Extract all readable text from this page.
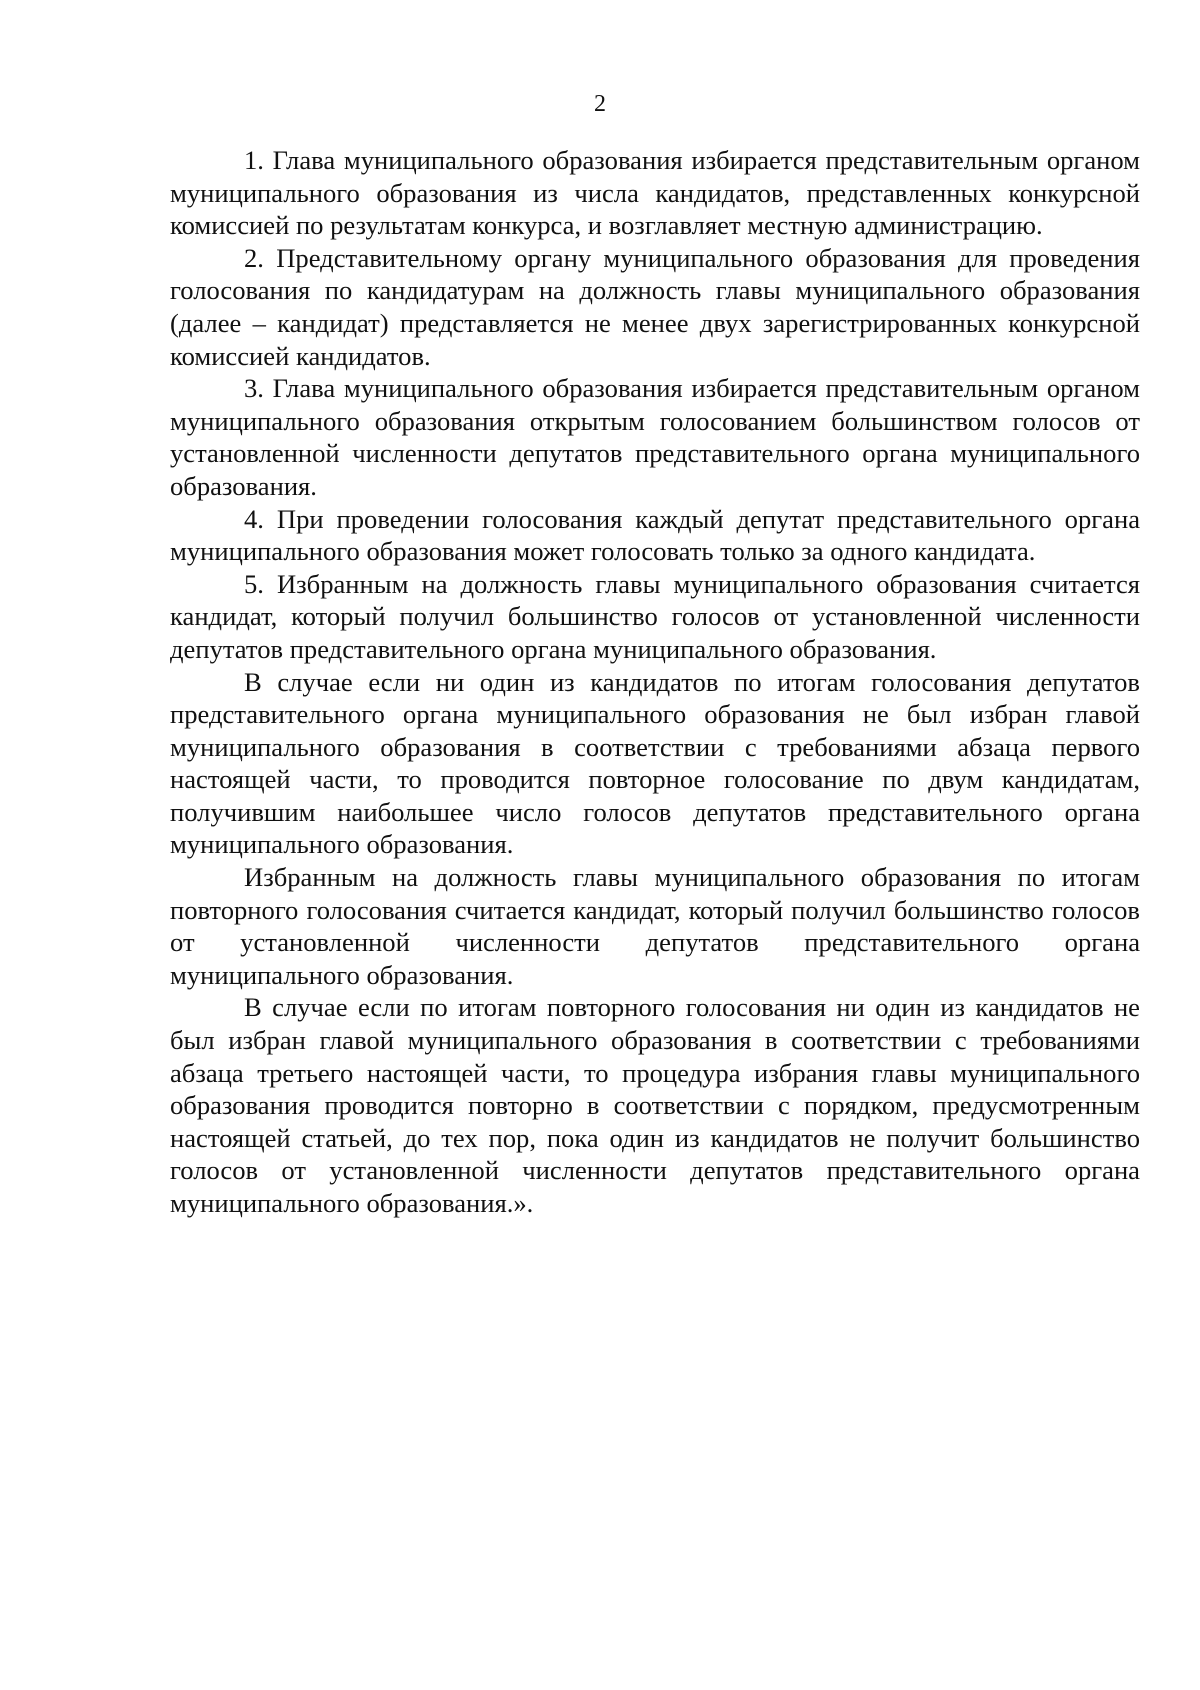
2

1. Глава муниципального образования избирается представительным органом муниципального образования из числа кандидатов, представленных конкурсной комиссией по результатам конкурса, и возглавляет местную администрацию.

2. Представительному органу муниципального образования для проведения голосования по кандидатурам на должность главы муниципального образования (далее – кандидат) представляется не менее двух зарегистрированных конкурсной комиссией кандидатов.

3. Глава муниципального образования избирается представительным органом муниципального образования открытым голосованием большинством голосов от установленной численности депутатов представительного органа муниципального образования.

4. При проведении голосования каждый депутат представительного органа муниципального образования может голосовать только за одного кандидата.

5. Избранным на должность главы муниципального образования считается кандидат, который получил большинство голосов от установленной численности депутатов представительного органа муниципального образования.

В случае если ни один из кандидатов по итогам голосования депутатов представительного органа муниципального образования не был избран главой муниципального образования в соответствии с требованиями абзаца первого настоящей части, то проводится повторное голосование по двум кандидатам, получившим наибольшее число голосов депутатов представительного органа муниципального образования.

Избранным на должность главы муниципального образования по итогам повторного голосования считается кандидат, который получил большинство голосов от установленной численности депутатов представительного органа муниципального образования.

В случае если по итогам повторного голосования ни один из кандидатов не был избран главой муниципального образования в соответствии с требованиями абзаца третьего настоящей части, то процедура избрания главы муниципального образования проводится повторно в соответствии с порядком, предусмотренным настоящей статьей, до тех пор, пока один из кандидатов не получит большинство голосов от установленной численности депутатов представительного органа муниципального образования.».
